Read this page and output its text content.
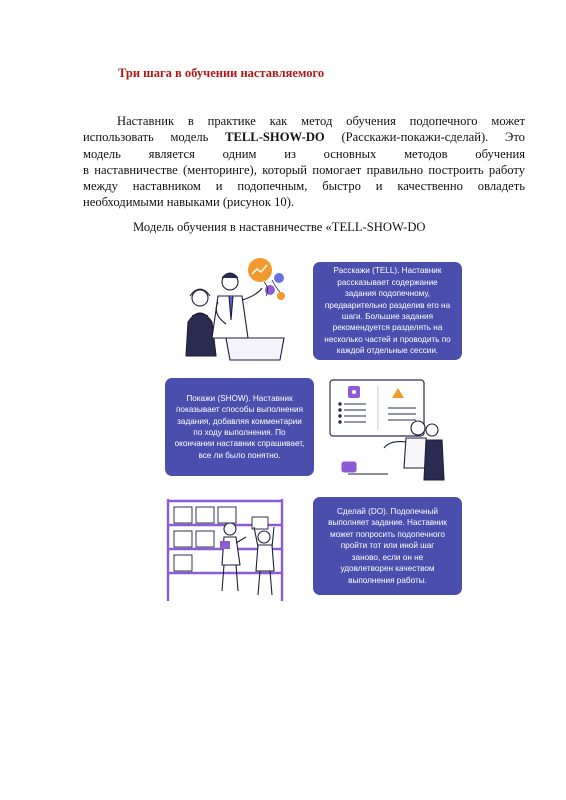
Три шага в обучении наставляемого

Наставник в практике как метод обучения подопечного может

использовать модель TELL-SHOW-DO (Расскажи-покажи-сделай). Это

модель является одним из основных методов обучения

в наставничестве (менторинге), который помогает правильно построить работу между наставником и подопечным, быстро и качественно овладеть необходимыми навыками (рисунок 10).

Модель обучения в наставничестве «TELL-SHOW-DO
Расскажи (TELL). Наставник рассказывает содержание задания подопечному, предварительно разделив его на шаги. Большие задания рекомендуется разделять на несколько частей и проводить по каждой отдельные сессии.
Покажи (SHOW). Наставник показывает способы выполнения задания, добавляя комментарии по ходу выполнения. По окончании наставник спрашивает, все ли было понятно.
Сделай (DO). Подопечный выполняет задание. Наставник может попросить подопечного пройти тот или иной шаг заново, если он не удовлетворен качеством выполнения работы.
